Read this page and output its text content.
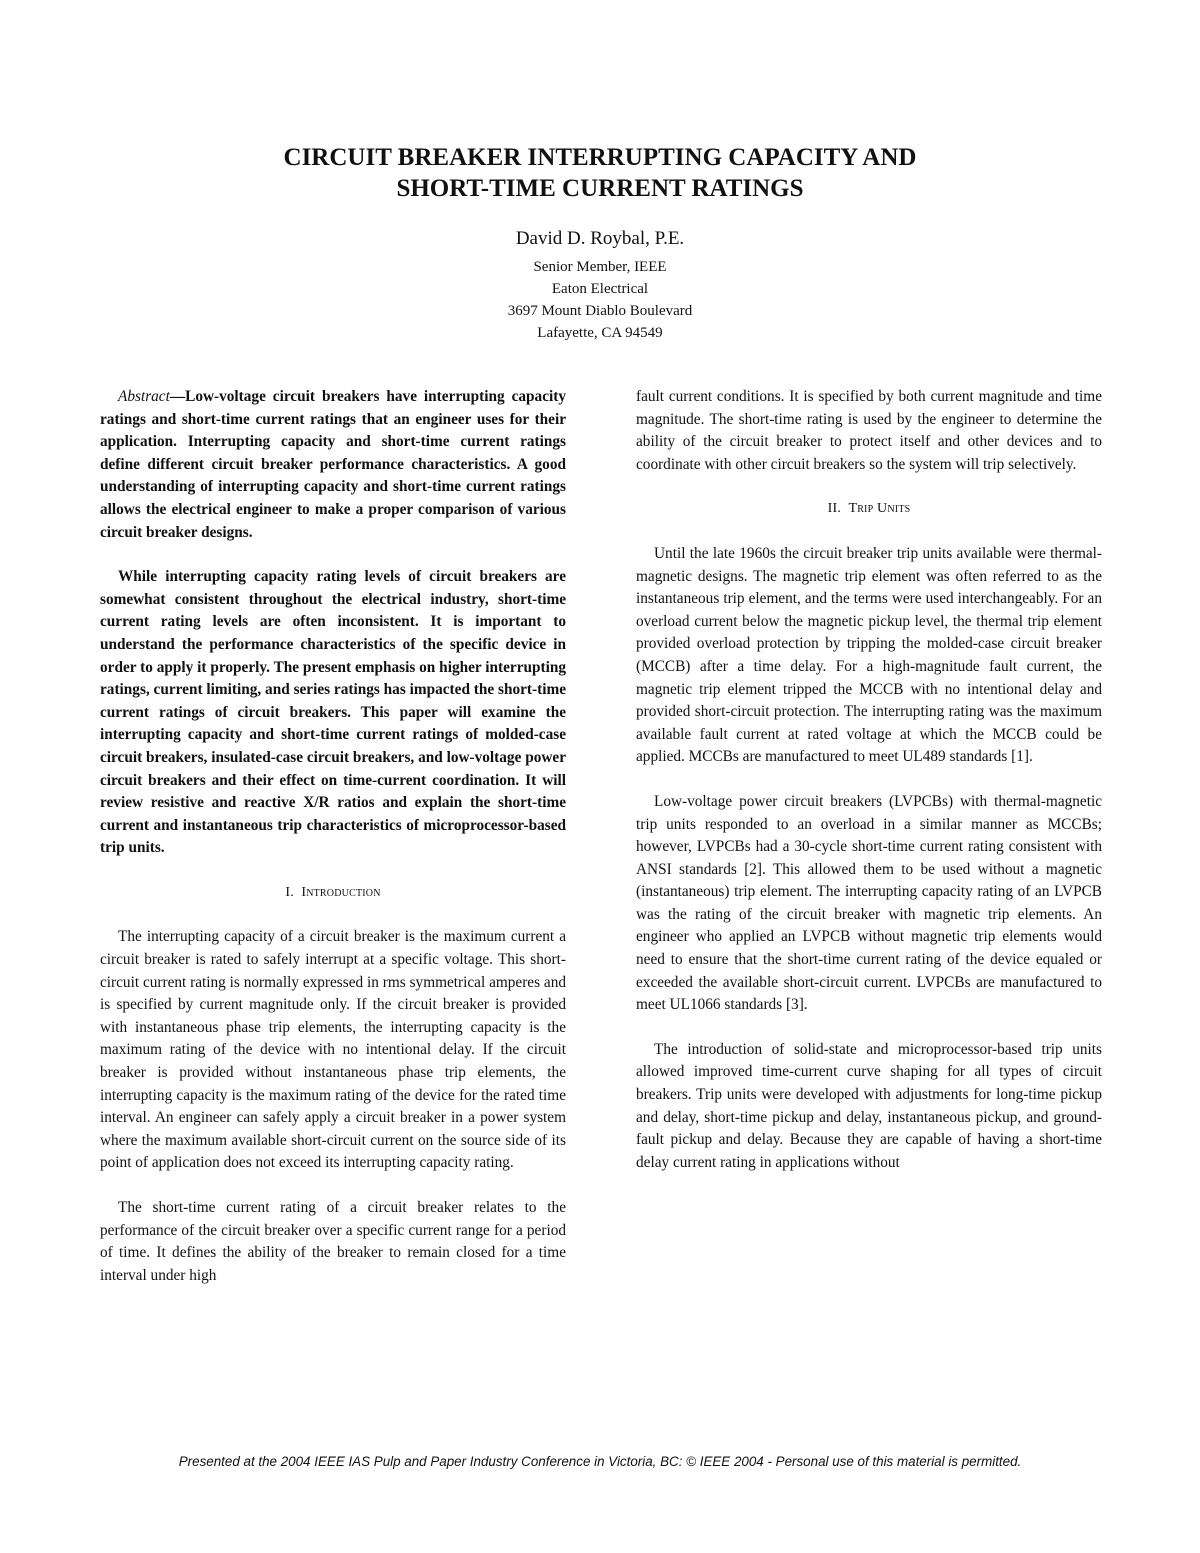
CIRCUIT BREAKER INTERRUPTING CAPACITY AND
SHORT-TIME CURRENT RATINGS
David D. Roybal, P.E.
Senior Member, IEEE
Eaton Electrical
3697 Mount Diablo Boulevard
Lafayette, CA 94549

Abstract—Low-voltage circuit breakers have interrupting capacity ratings and short-time current ratings that an engineer uses for their application. Interrupting capacity and short-time current ratings define different circuit breaker performance characteristics. A good understanding of interrupting capacity and short-time current ratings allows the electrical engineer to make a proper comparison of various circuit breaker designs.

While interrupting capacity rating levels of circuit breakers are somewhat consistent throughout the electrical industry, short-time current rating levels are often inconsistent. It is important to understand the performance characteristics of the specific device in order to apply it properly. The present emphasis on higher interrupting ratings, current limiting, and series ratings has impacted the short-time current ratings of circuit breakers. This paper will examine the interrupting capacity and short-time current ratings of molded-case circuit breakers, insulated-case circuit breakers, and low-voltage power circuit breakers and their effect on time-current coordination. It will review resistive and reactive X/R ratios and explain the short-time current and instantaneous trip characteristics of microprocessor-based trip units.

I. Introduction

The interrupting capacity of a circuit breaker is the maximum current a circuit breaker is rated to safely interrupt at a specific voltage. This short-circuit current rating is normally expressed in rms symmetrical amperes and is specified by current magnitude only. If the circuit breaker is provided with instantaneous phase trip elements, the interrupting capacity is the maximum rating of the device with no intentional delay. If the circuit breaker is provided without instantaneous phase trip elements, the interrupting capacity is the maximum rating of the device for the rated time interval. An engineer can safely apply a circuit breaker in a power system where the maximum available short-circuit current on the source side of its point of application does not exceed its interrupting capacity rating.

The short-time current rating of a circuit breaker relates to the performance of the circuit breaker over a specific current range for a period of time. It defines the ability of the breaker to remain closed for a time interval under high

fault current conditions. It is specified by both current magnitude and time magnitude. The short-time rating is used by the engineer to determine the ability of the circuit breaker to protect itself and other devices and to coordinate with other circuit breakers so the system will trip selectively.

II. Trip Units

Until the late 1960s the circuit breaker trip units available were thermal-magnetic designs. The magnetic trip element was often referred to as the instantaneous trip element, and the terms were used interchangeably. For an overload current below the magnetic pickup level, the thermal trip element provided overload protection by tripping the molded-case circuit breaker (MCCB) after a time delay. For a high-magnitude fault current, the magnetic trip element tripped the MCCB with no intentional delay and provided short-circuit protection. The interrupting rating was the maximum available fault current at rated voltage at which the MCCB could be applied. MCCBs are manufactured to meet UL489 standards [1].

Low-voltage power circuit breakers (LVPCBs) with thermal-magnetic trip units responded to an overload in a similar manner as MCCBs; however, LVPCBs had a 30-cycle short-time current rating consistent with ANSI standards [2]. This allowed them to be used without a magnetic (instantaneous) trip element. The interrupting capacity rating of an LVPCB was the rating of the circuit breaker with magnetic trip elements. An engineer who applied an LVPCB without magnetic trip elements would need to ensure that the short-time current rating of the device equaled or exceeded the available short-circuit current. LVPCBs are manufactured to meet UL1066 standards [3].

The introduction of solid-state and microprocessor-based trip units allowed improved time-current curve shaping for all types of circuit breakers. Trip units were developed with adjustments for long-time pickup and delay, short-time pickup and delay, instantaneous pickup, and ground-fault pickup and delay. Because they are capable of having a short-time delay current rating in applications without

Presented at the 2004 IEEE IAS Pulp and Paper Industry Conference in Victoria, BC: © IEEE 2004 - Personal use of this material is permitted.
